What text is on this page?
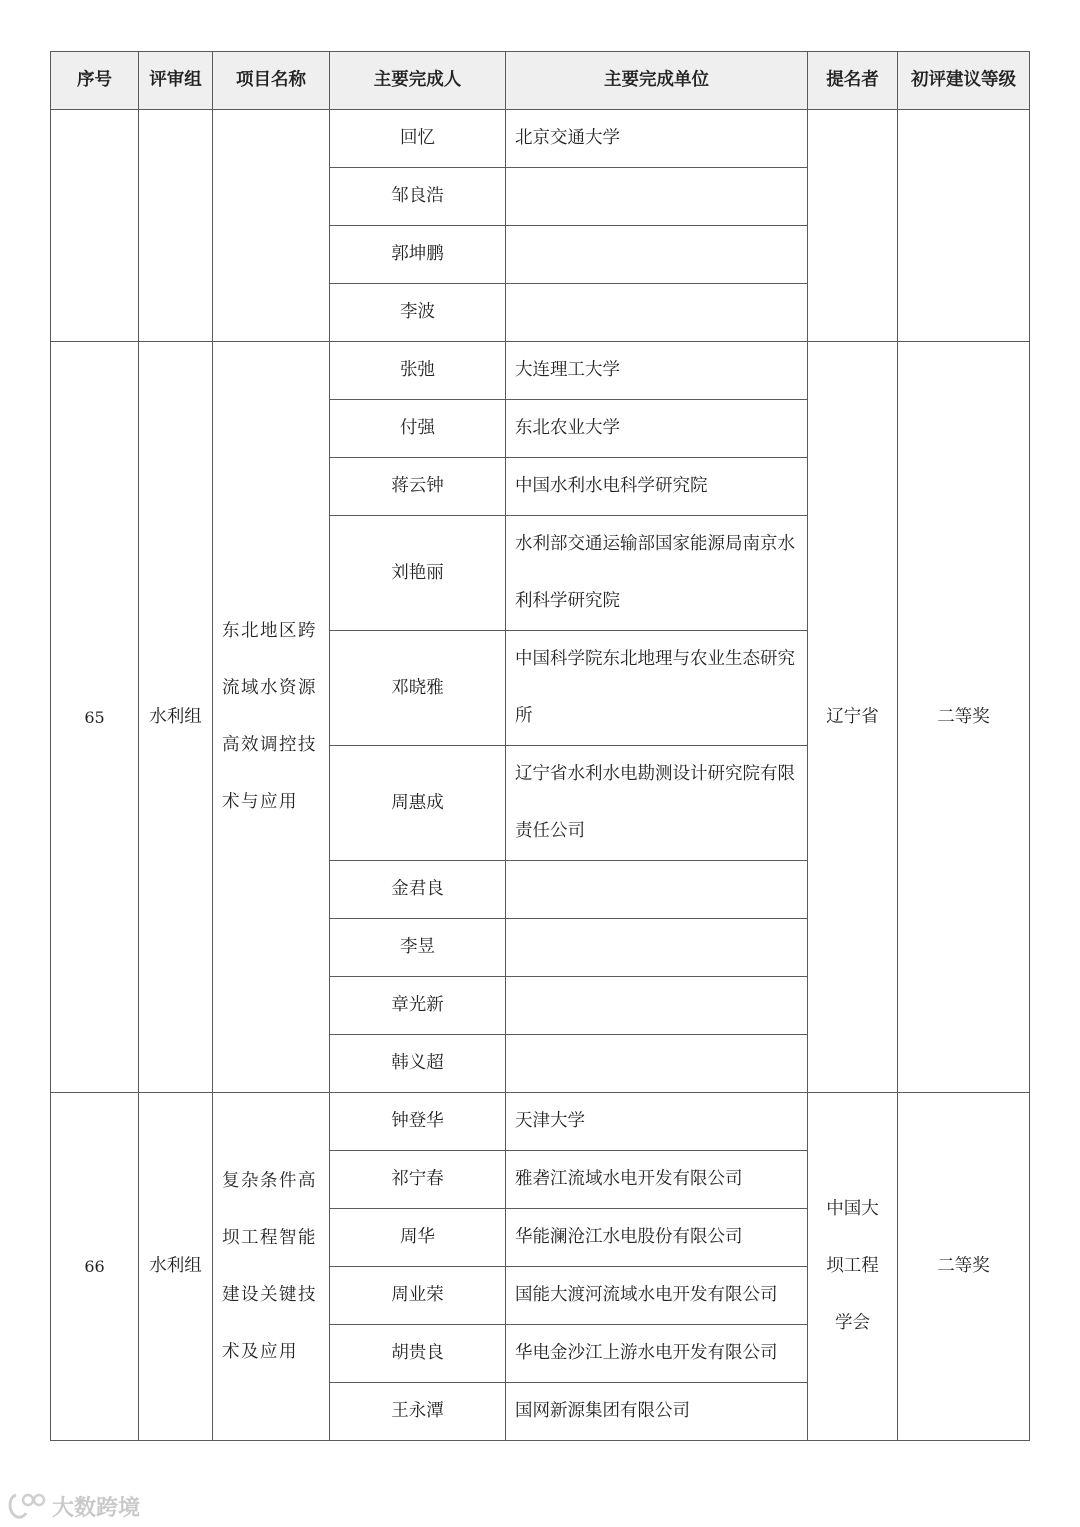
序号	评审组	项目名称	主要完成人	主要完成单位	提名者	初评建议等级
			回忆	北京交通大学		
			邹良浩			
			郭坤鹏			
			李波			
65	水利组	东北地区跨流域水资源高效调控技术与应用	张弛	大连理工大学	辽宁省	二等奖
			付强	东北农业大学		
			蒋云钟	中国水利水电科学研究院		
			刘艳丽	水利部交通运输部国家能源局南京水利科学研究院		

			邓晓雅	中国科学院东北地理与农业生态研究所		

			周惠成	辽宁省水利水电勘测设计研究院有限责任公司		

			金君良			
			李昱			
			章光新			
			韩义超			
66	水利组	复杂条件高坝工程智能建设关键技术及应用	钟登华	天津大学	中国大坝工程学会	二等奖
			祁宁春	雅砻江流域水电开发有限公司		
			周华	华能澜沧江水电股份有限公司		
			周业荣	国能大渡河流域水电开发有限公司		
			胡贵良	华电金沙江上游水电开发有限公司		
			王永潭	国网新源集团有限公司		
大数跨境
